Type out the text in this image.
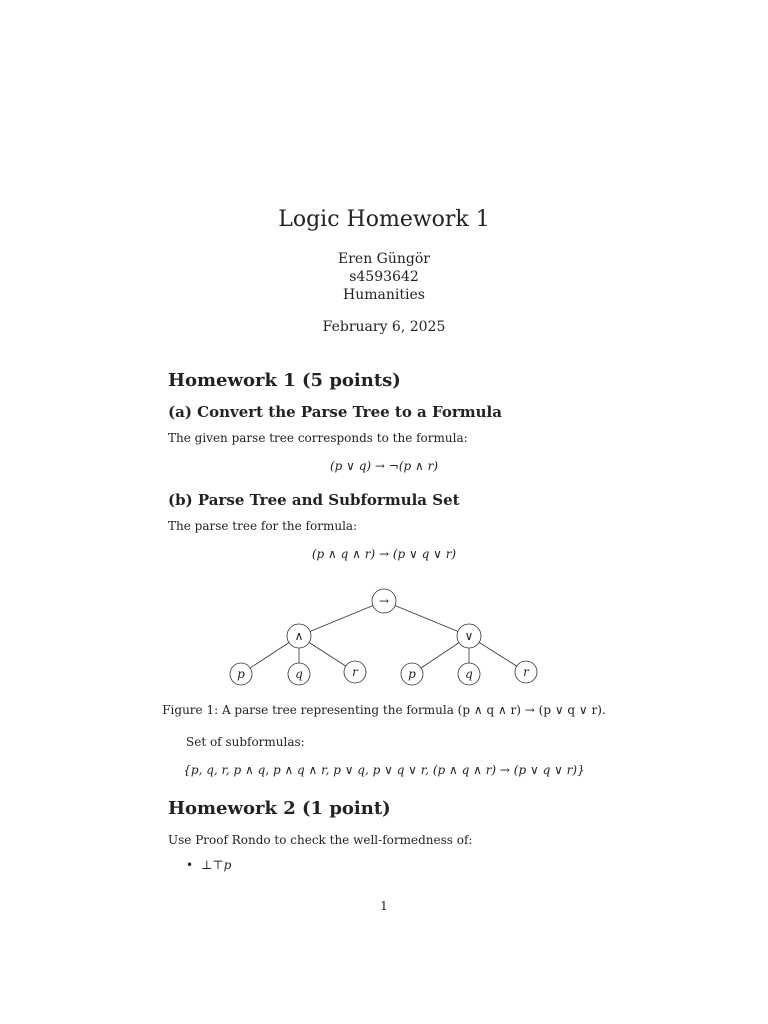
Logic Homework 1
Eren Güngör
s4593642
Humanities
February 6, 2025
Homework 1 (5 points)
(a) Convert the Parse Tree to a Formula

The given parse tree corresponds to the formula:

(p ∨ q) → ¬(p ∧ r)
(b) Parse Tree and Subformula Set

The parse tree for the formula:

(p ∧ q ∧ r) → (p ∨ q ∨ r)
→
∧	∨
p	q	r	p	q	r
Figure 1: A parse tree representing the formula (p ∧ q ∧ r) → (p ∨ q ∨ r).
Set of subformulas:
{p, q, r, p ∧ q, p ∧ q ∧ r, p ∨ q, p ∨ q ∨ r, (p ∧ q ∧ r) → (p ∨ q ∨ r)}
Homework 2 (1 point)

Use Proof Rondo to check the well-formedness of:

• ⊥⊤p
1
